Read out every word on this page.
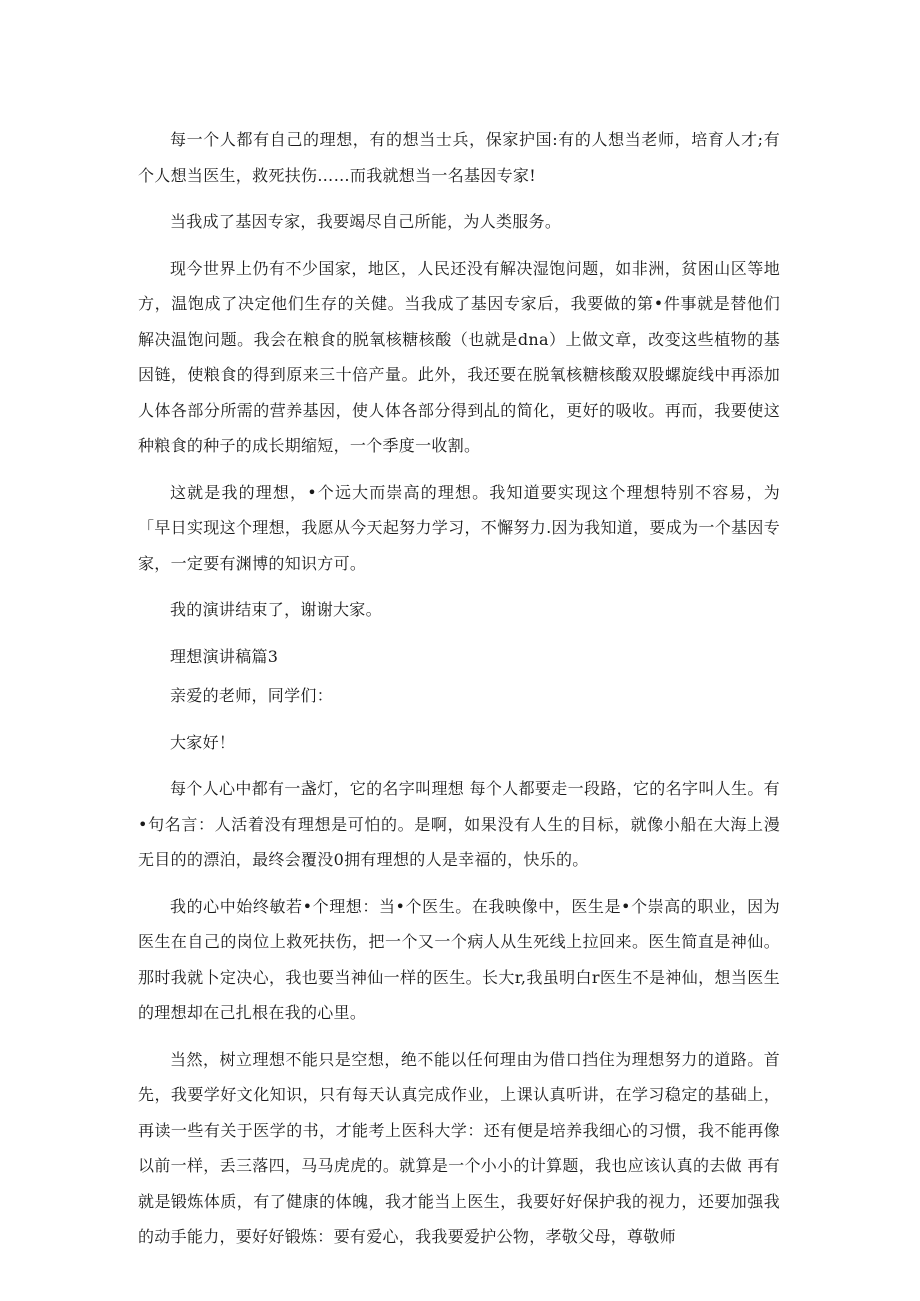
每一个人都有自己的理想，有的想当士兵，保家护国:有的人想当老师，培育人才;有个人想当医生，救死扶伤……而我就想当一名基因专家!

当我成了基因专家，我要竭尽自己所能，为人类服务。

现今世界上仍有不少国家，地区，人民还没有解决湿饱问题，如非洲，贫困山区等地方，温饱成了决定他们生存的关健。当我成了基因专家后，我要做的第•件事就是替他们解决温饱问题。我会在粮食的脱氧核糖核酸（也就是dna）上做文章，改变这些植物的基因链，使粮食的得到原来三十倍产量。此外，我还要在脱氧核糖核酸双股螺旋线中再添加人体各部分所需的营养基因，使人体各部分得到乩的简化，更好的吸收。再而，我要使这种粮食的种子的成长期缩短，一个季度一收割。

这就是我的理想，•个远大而崇高的理想。我知道要实现这个理想特别不容易，为「早日实现这个理想，我愿从今天起努力学习，不懈努力.因为我知道，要成为一个基因专家，一定要有渊博的知识方可。

我的演讲结束了，谢谢大家。

理想演讲稿篇3

亲爱的老师，同学们：

大家好！

每个人心中都有一盏灯，它的名字叫理想 每个人都要走一段路，它的名字叫人生。有•句名言：人活着没有理想是可怕的。是啊，如果没有人生的目标，就像小船在大海上漫无目的的漂泊，最终会覆没0拥有理想的人是幸福的，快乐的。

我的心中始终敏若•个理想：当•个医生。在我映像中，医生是•个崇高的职业，因为医生在自己的岗位上救死扶伤，把一个又一个病人从生死线上拉回来。医生简直是神仙。那时我就卜定决心，我也要当神仙一样的医生。长大r,我虽明白r医生不是神仙，想当医生的理想却在己扎根在我的心里。

当然，树立理想不能只是空想，绝不能以任何理由为借口挡住为理想努力的道路。首先，我要学好文化知识，只有每天认真完成作业，上课认真听讲，在学习稳定的基础上，再读一些有关于医学的书，才能考上医科大学：还有便是培养我细心的习惯，我不能再像以前一样，丢三落四，马马虎虎的。就算是一个小小的计算题，我也应该认真的去做 再有就是锻炼体质，有了健康的体魄，我才能当上医生，我要好好保护我的视力，还要加强我的动手能力，要好好锻炼：要有爱心，我我要爱护公物，孝敬父母，尊敬师
